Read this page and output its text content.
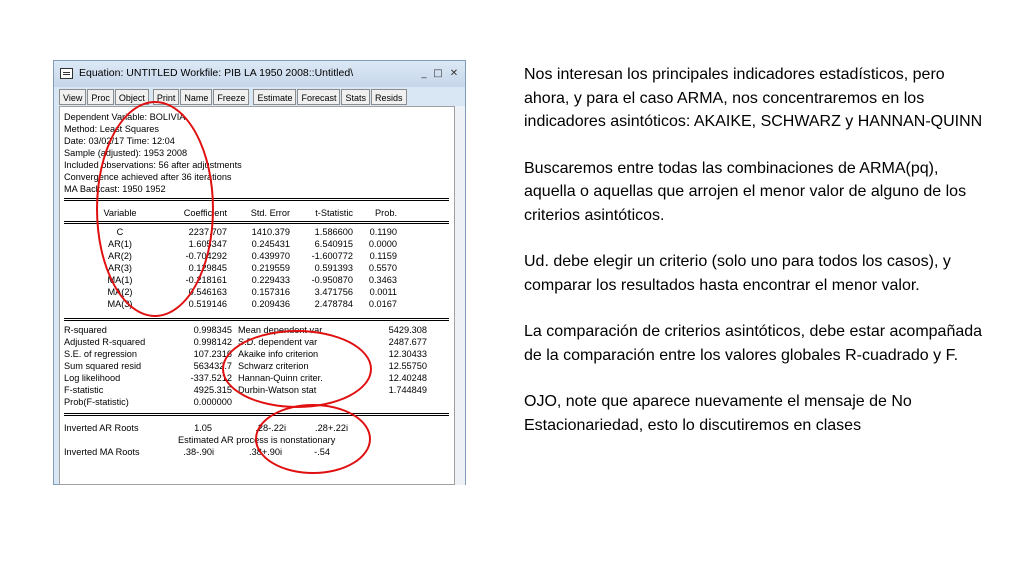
Equation: UNTITLED Workfile: PIB LA 1950 2008::Untitled\	_ □ ✕
View	Proc	Object	Print	Name	Freeze	Estimate	Forecast	Stats	Resids
Dependent Variable: BOLIVIA
Method: Least Squares
Date: 03/02/17 Time: 12:04
Sample (adjusted): 1953 2008
Included observations: 56 after adjustments
Convergence achieved after 36 iterations
MA Backcast: 1950 1952
Variable	Coefficient	Std. Error	t-Statistic	Prob.
C	2237.707	1410.379	1.586600	0.1190
AR(1)	1.605347	0.245431	6.540915	0.0000
AR(2)	-0.704292	0.439970	-1.600772	0.1159
AR(3)	0.129845	0.219559	0.591393	0.5570
MA(1)	-0.218161	0.229433	-0.950870	0.3463
MA(2)	0.546163	0.157316	3.471756	0.0011
MA(3)	0.519146	0.209436	2.478784	0.0167
R-squared	0.998345 Mean dependent var	5429.308
Adjusted R-squared	0.998142 S.D. dependent var	2487.677
S.E. of regression	107.2316 Akaike info criterion	12.30433
Sum squared resid	563432.7 Schwarz criterion	12.55750
Log likelihood	-337.5212 Hannan-Quinn criter.	12.40248
F-statistic	4925.315 Durbin-Watson stat	1.744849
Prob(F-statistic)	0.000000
Inverted AR Roots	1.05	.28-.22i	.28+.22i
Estimated AR process is nonstationary
Inverted MA Roots	.38-.90i	.38+.90i	-.54

Nos interesan los principales indicadores estadísticos, pero ahora, y para el caso ARMA, nos concentraremos en los indicadores asintóticos: AKAIKE, SCHWARZ y HANNAN-QUINN

Buscaremos entre todas las combinaciones de ARMA(pq), aquella o aquellas que arrojen el menor valor de alguno de los criterios asintóticos.

Ud. debe elegir un criterio (solo uno para todos los casos), y comparar los resultados hasta encontrar el menor valor.

La comparación de criterios asintóticos, debe estar acompañada de la comparación entre los valores globales R-cuadrado y F.

OJO, note que aparece nuevamente el mensaje de No Estacionariedad, esto lo discutiremos en clases
